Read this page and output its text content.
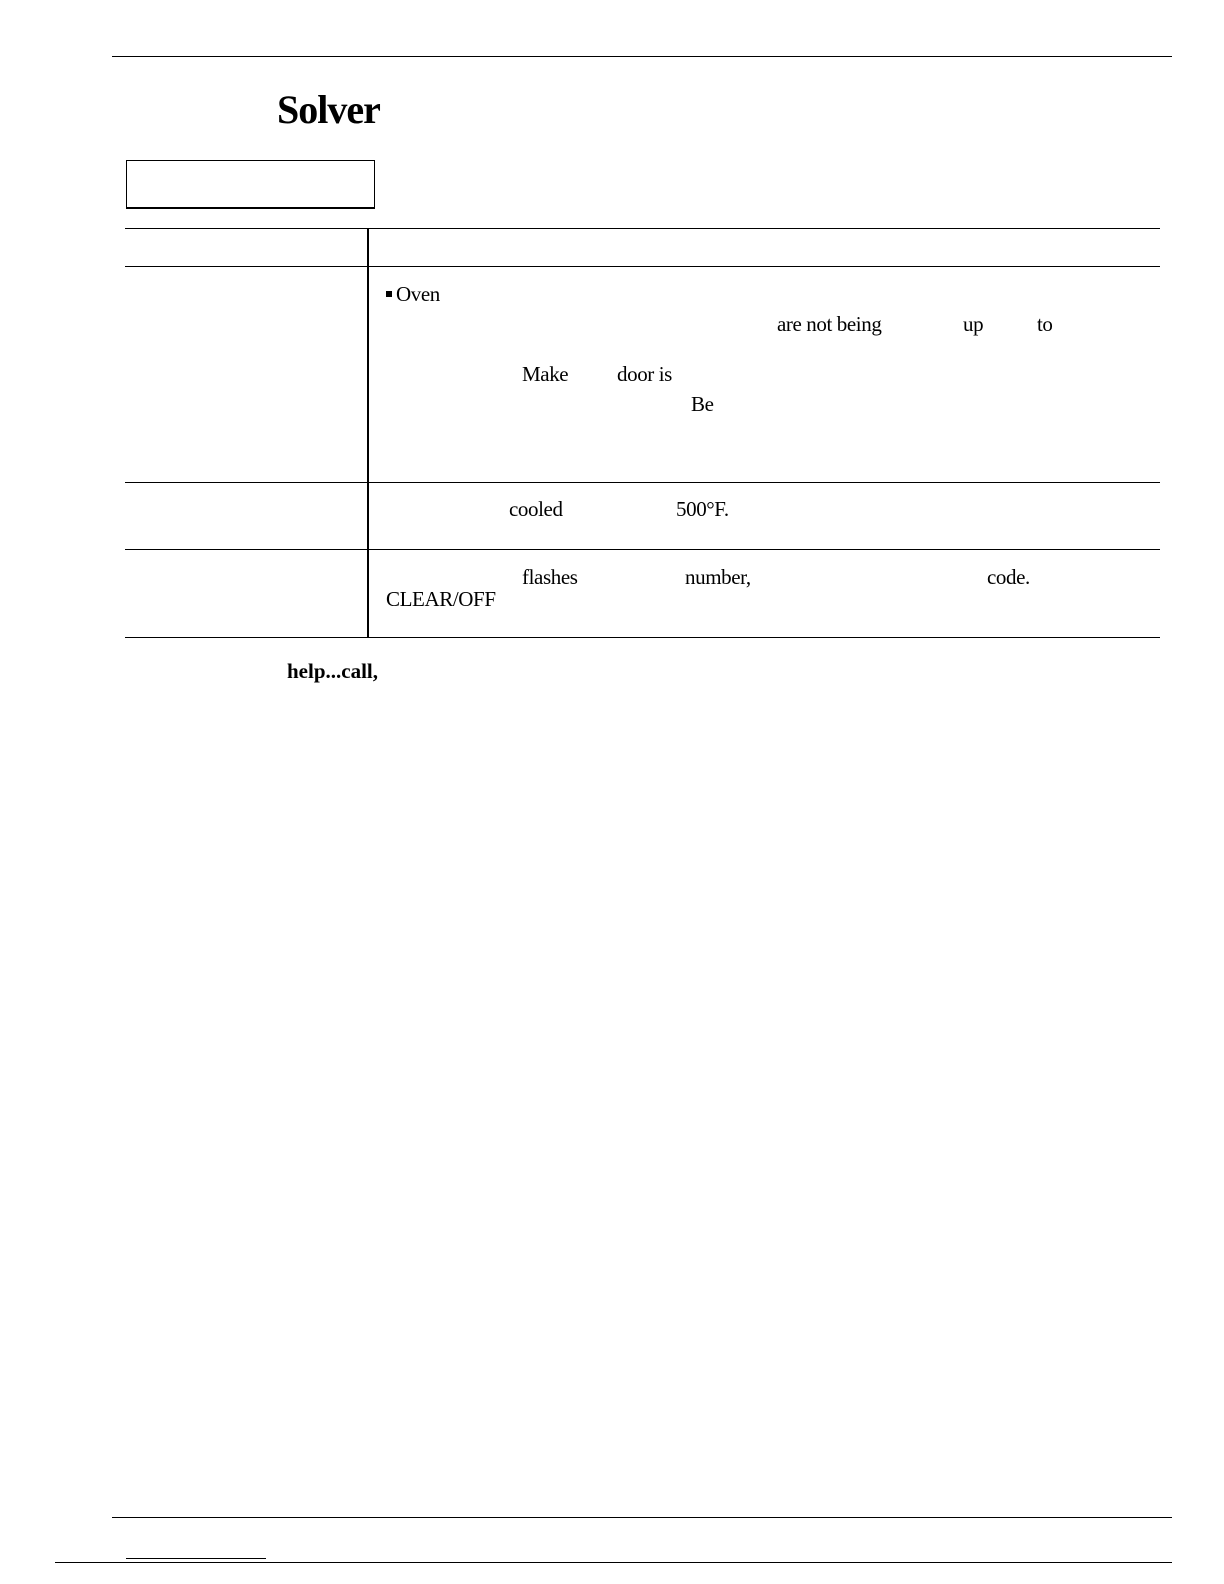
Solver
Oven
are not being	up	to
Make door is
Be
cooled	500°F.
flashes	number,	code.
CLEAR/OFF
help...call,
